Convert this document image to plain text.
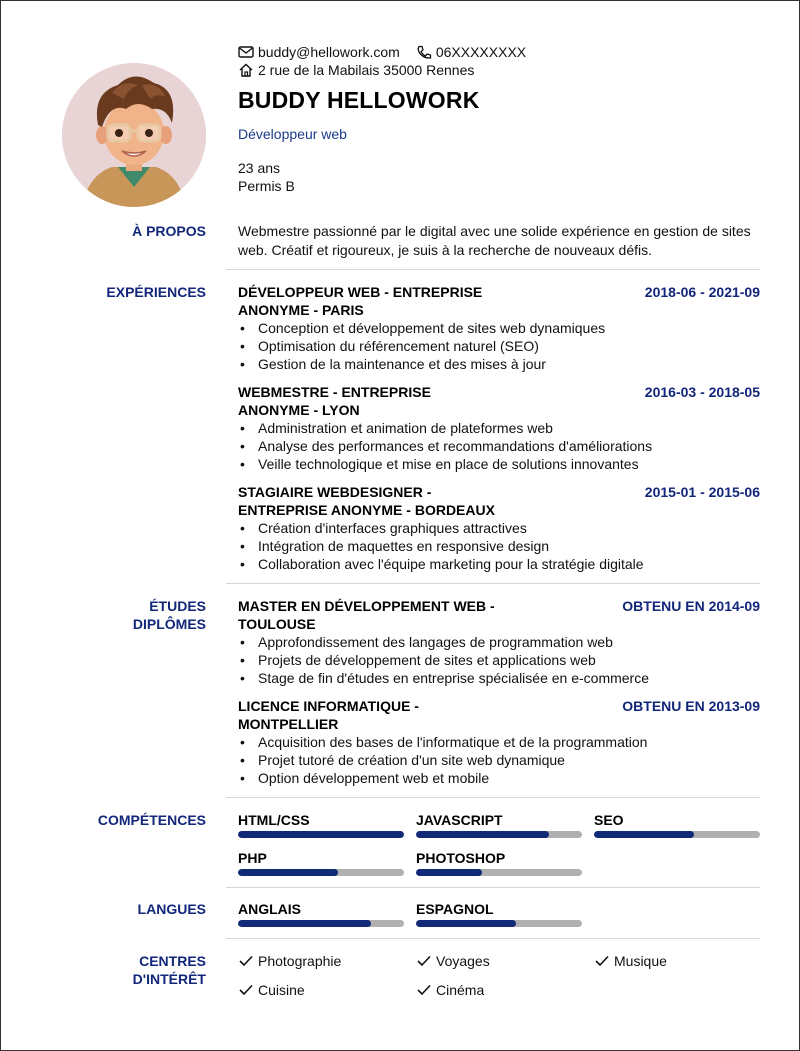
buddy@hellowork.com	06XXXXXXXX
2 rue de la Mabilais 35000 Rennes
BUDDY HELLOWORK
Développeur web
23 ans
Permis B
À PROPOS Webmestre passionné par le digital avec une solide expérience en gestion de sites web. Créatif et rigoureux, je suis à la recherche de nouveaux défis.
EXPÉRIENCES DÉVELOPPEUR WEB - ENTREPRISE
ANONYME - PARIS
2018-06 - 2021-09
• Conception et développement de sites web dynamiques
• Optimisation du référencement naturel (SEO)
• Gestion de la maintenance et des mises à jour
WEBMESTRE - ENTREPRISE
ANONYME - LYON
2016-03 - 2018-05
• Administration et animation de plateformes web
• Analyse des performances et recommandations d'améliorations
• Veille technologique et mise en place de solutions innovantes
STAGIAIRE WEBDESIGNER -
ENTREPRISE ANONYME - BORDEAUX
2015-01 - 2015-06
• Création d'interfaces graphiques attractives
• Intégration de maquettes en responsive design
• Collaboration avec l'équipe marketing pour la stratégie digitale
ÉTUDES
DIPLÔMES
MASTER EN DÉVELOPPEMENT WEB -
TOULOUSE
OBTENU EN 2014-09
• Approfondissement des langages de programmation web
• Projets de développement de sites et applications web
• Stage de fin d'études en entreprise spécialisée en e-commerce
LICENCE INFORMATIQUE -
MONTPELLIER
OBTENU EN 2013-09
• Acquisition des bases de l'informatique et de la programmation
• Projet tutoré de création d'un site web dynamique
• Option développement web et mobile
COMPÉTENCES HTML/CSS	JAVASCRIPT	SEO
PHP	PHOTOSHOP
LANGUES ANGLAIS	ESPAGNOL
CENTRES
D'INTÉRÊT
Photographie	Voyages	Musique
Cuisine	Cinéma
